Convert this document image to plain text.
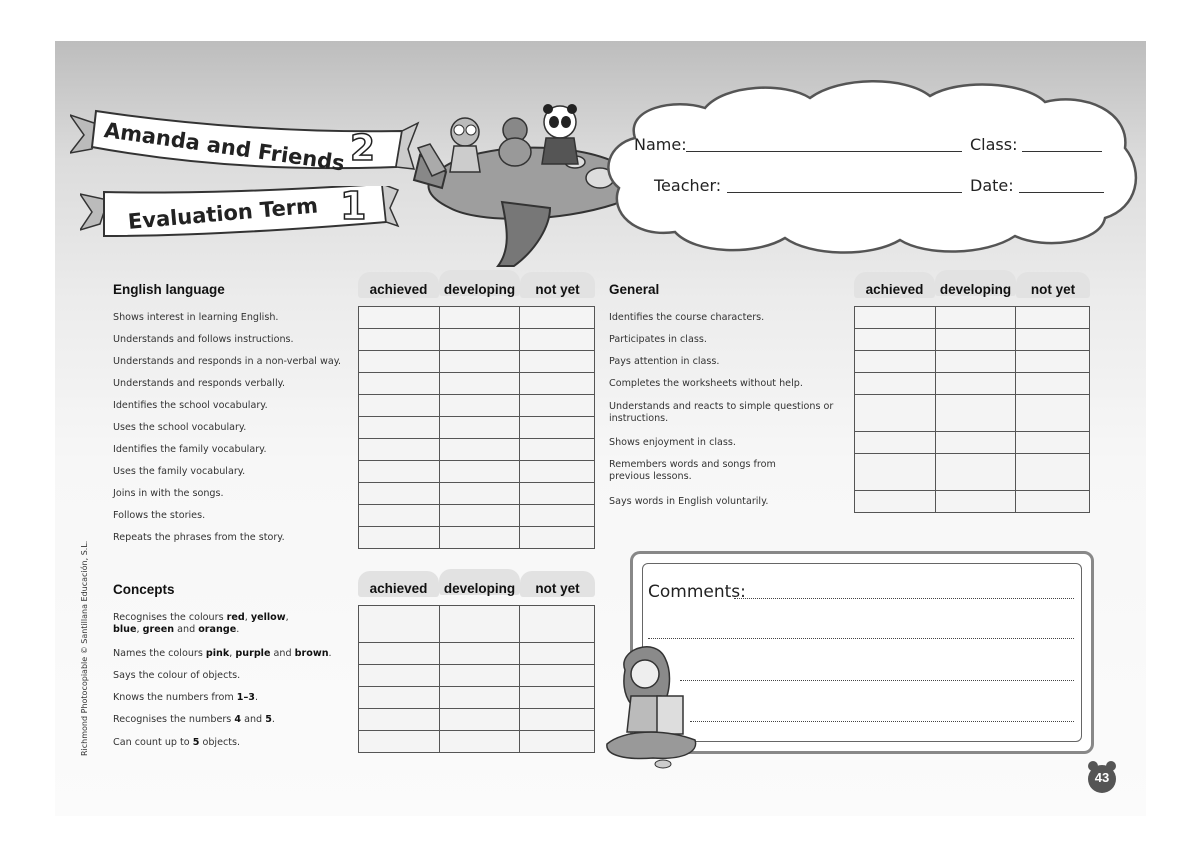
Amanda and Friends 2
Evaluation Term 1
Name:	Class:
Teacher:	Date:
English language	achieved	developing	not yet
Shows interest in learning English.
Understands and follows instructions.
Understands and responds in a non-verbal way.
Understands and responds verbally.
Identifies the school vocabulary.
Uses the school vocabulary.
Identifies the family vocabulary.
Uses the family vocabulary.
Joins in with the songs.
Follows the stories.
Repeats the phrases from the story.

General	achieved	developing	not yet
Identifies the course characters.
Participates in class.
Pays attention in class.
Completes the worksheets without help.
Understands and reacts to simple questions or instructions.
Shows enjoyment in class.
Remembers words and songs from previous lessons.
Says words in English voluntarily.

Concepts	achieved	developing	not yet
Recognises the colours red, yellow, blue, green and orange.
Names the colours pink, purple and brown.
Says the colour of objects.
Knows the numbers from 1–3.
Recognises the numbers 4 and 5.
Can count up to 5 objects.

Comments:
Richmond Photocopiable © Santillana Educación, S.L.
43
